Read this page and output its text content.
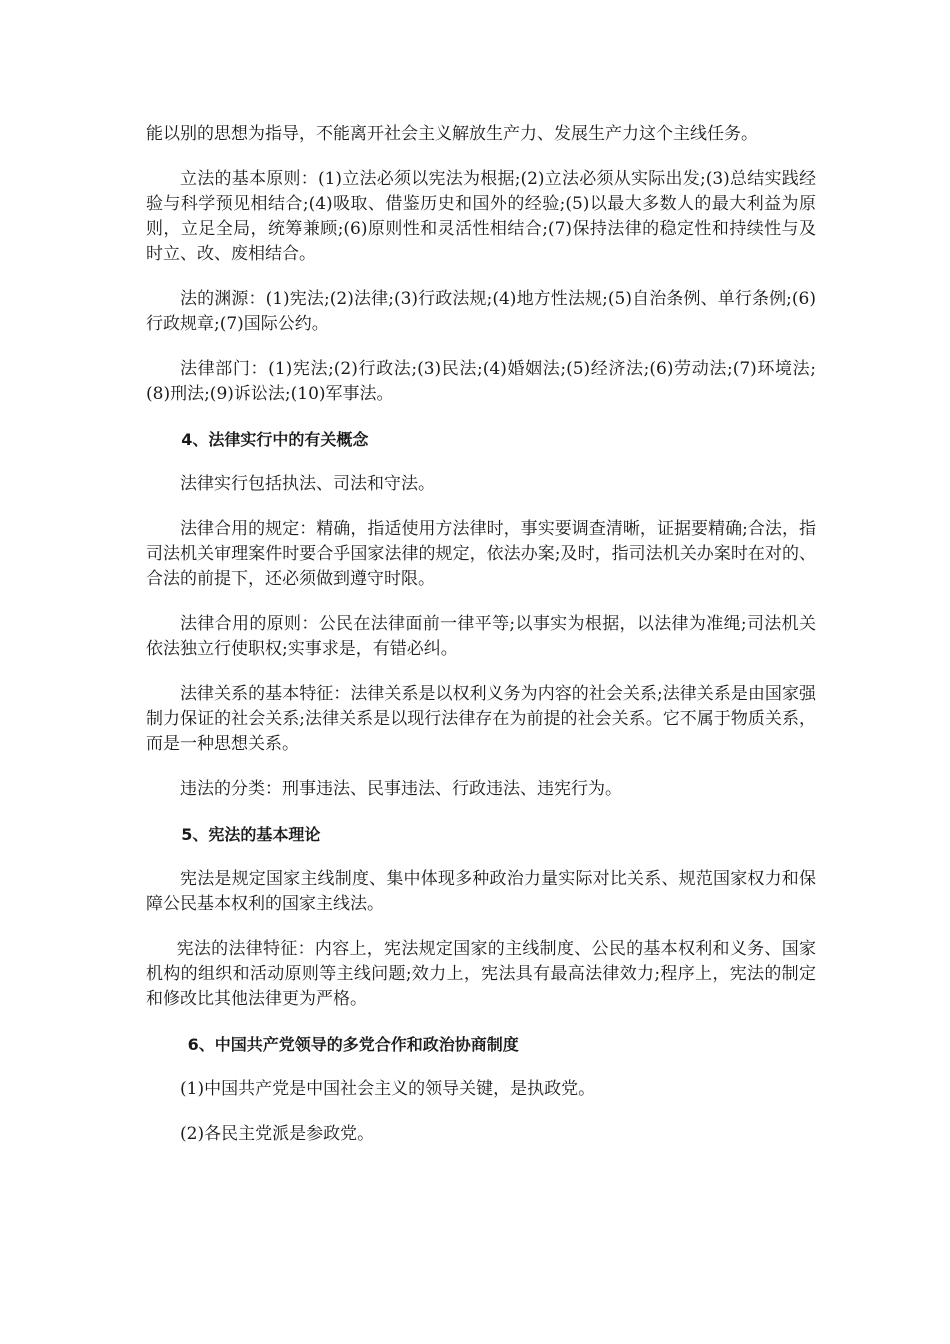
能以别的思想为指导，不能离开社会主义解放生产力、发展生产力这个主线任务。

立法的基本原则：(1)立法必须以宪法为根据;(2)立法必须从实际出发;(3)总结实践经验与科学预见相结合;(4)吸取、借鉴历史和国外的经验;(5)以最大多数人的最大利益为原则，立足全局，统筹兼顾;(6)原则性和灵活性相结合;(7)保持法律的稳定性和持续性与及时立、改、废相结合。

法的渊源：(1)宪法;(2)法律;(3)行政法规;(4)地方性法规;(5)自治条例、单行条例;(6)行政规章;(7)国际公约。

法律部门：(1)宪法;(2)行政法;(3)民法;(4)婚姻法;(5)经济法;(6)劳动法;(7)环境法;(8)刑法;(9)诉讼法;(10)军事法。

4、法律实行中的有关概念

法律实行包括执法、司法和守法。

法律合用的规定：精确，指适使用方法律时，事实要调查清晰，证据要精确;合法，指司法机关审理案件时要合乎国家法律的规定，依法办案;及时，指司法机关办案时在对的、合法的前提下，还必须做到遵守时限。

法律合用的原则：公民在法律面前一律平等;以事实为根据，以法律为准绳;司法机关依法独立行使职权;实事求是，有错必纠。

法律关系的基本特征：法律关系是以权利义务为内容的社会关系;法律关系是由国家强制力保证的社会关系;法律关系是以现行法律存在为前提的社会关系。它不属于物质关系，而是一种思想关系。

违法的分类：刑事违法、民事违法、行政违法、违宪行为。

5、宪法的基本理论

宪法是规定国家主线制度、集中体现多种政治力量实际对比关系、规范国家权力和保障公民基本权利的国家主线法。

宪法的法律特征：内容上，宪法规定国家的主线制度、公民的基本权利和义务、国家机构的组织和活动原则等主线问题;效力上，宪法具有最高法律效力;程序上，宪法的制定和修改比其他法律更为严格。

6、中国共产党领导的多党合作和政治协商制度

(1)中国共产党是中国社会主义的领导关键，是执政党。

(2)各民主党派是参政党。
